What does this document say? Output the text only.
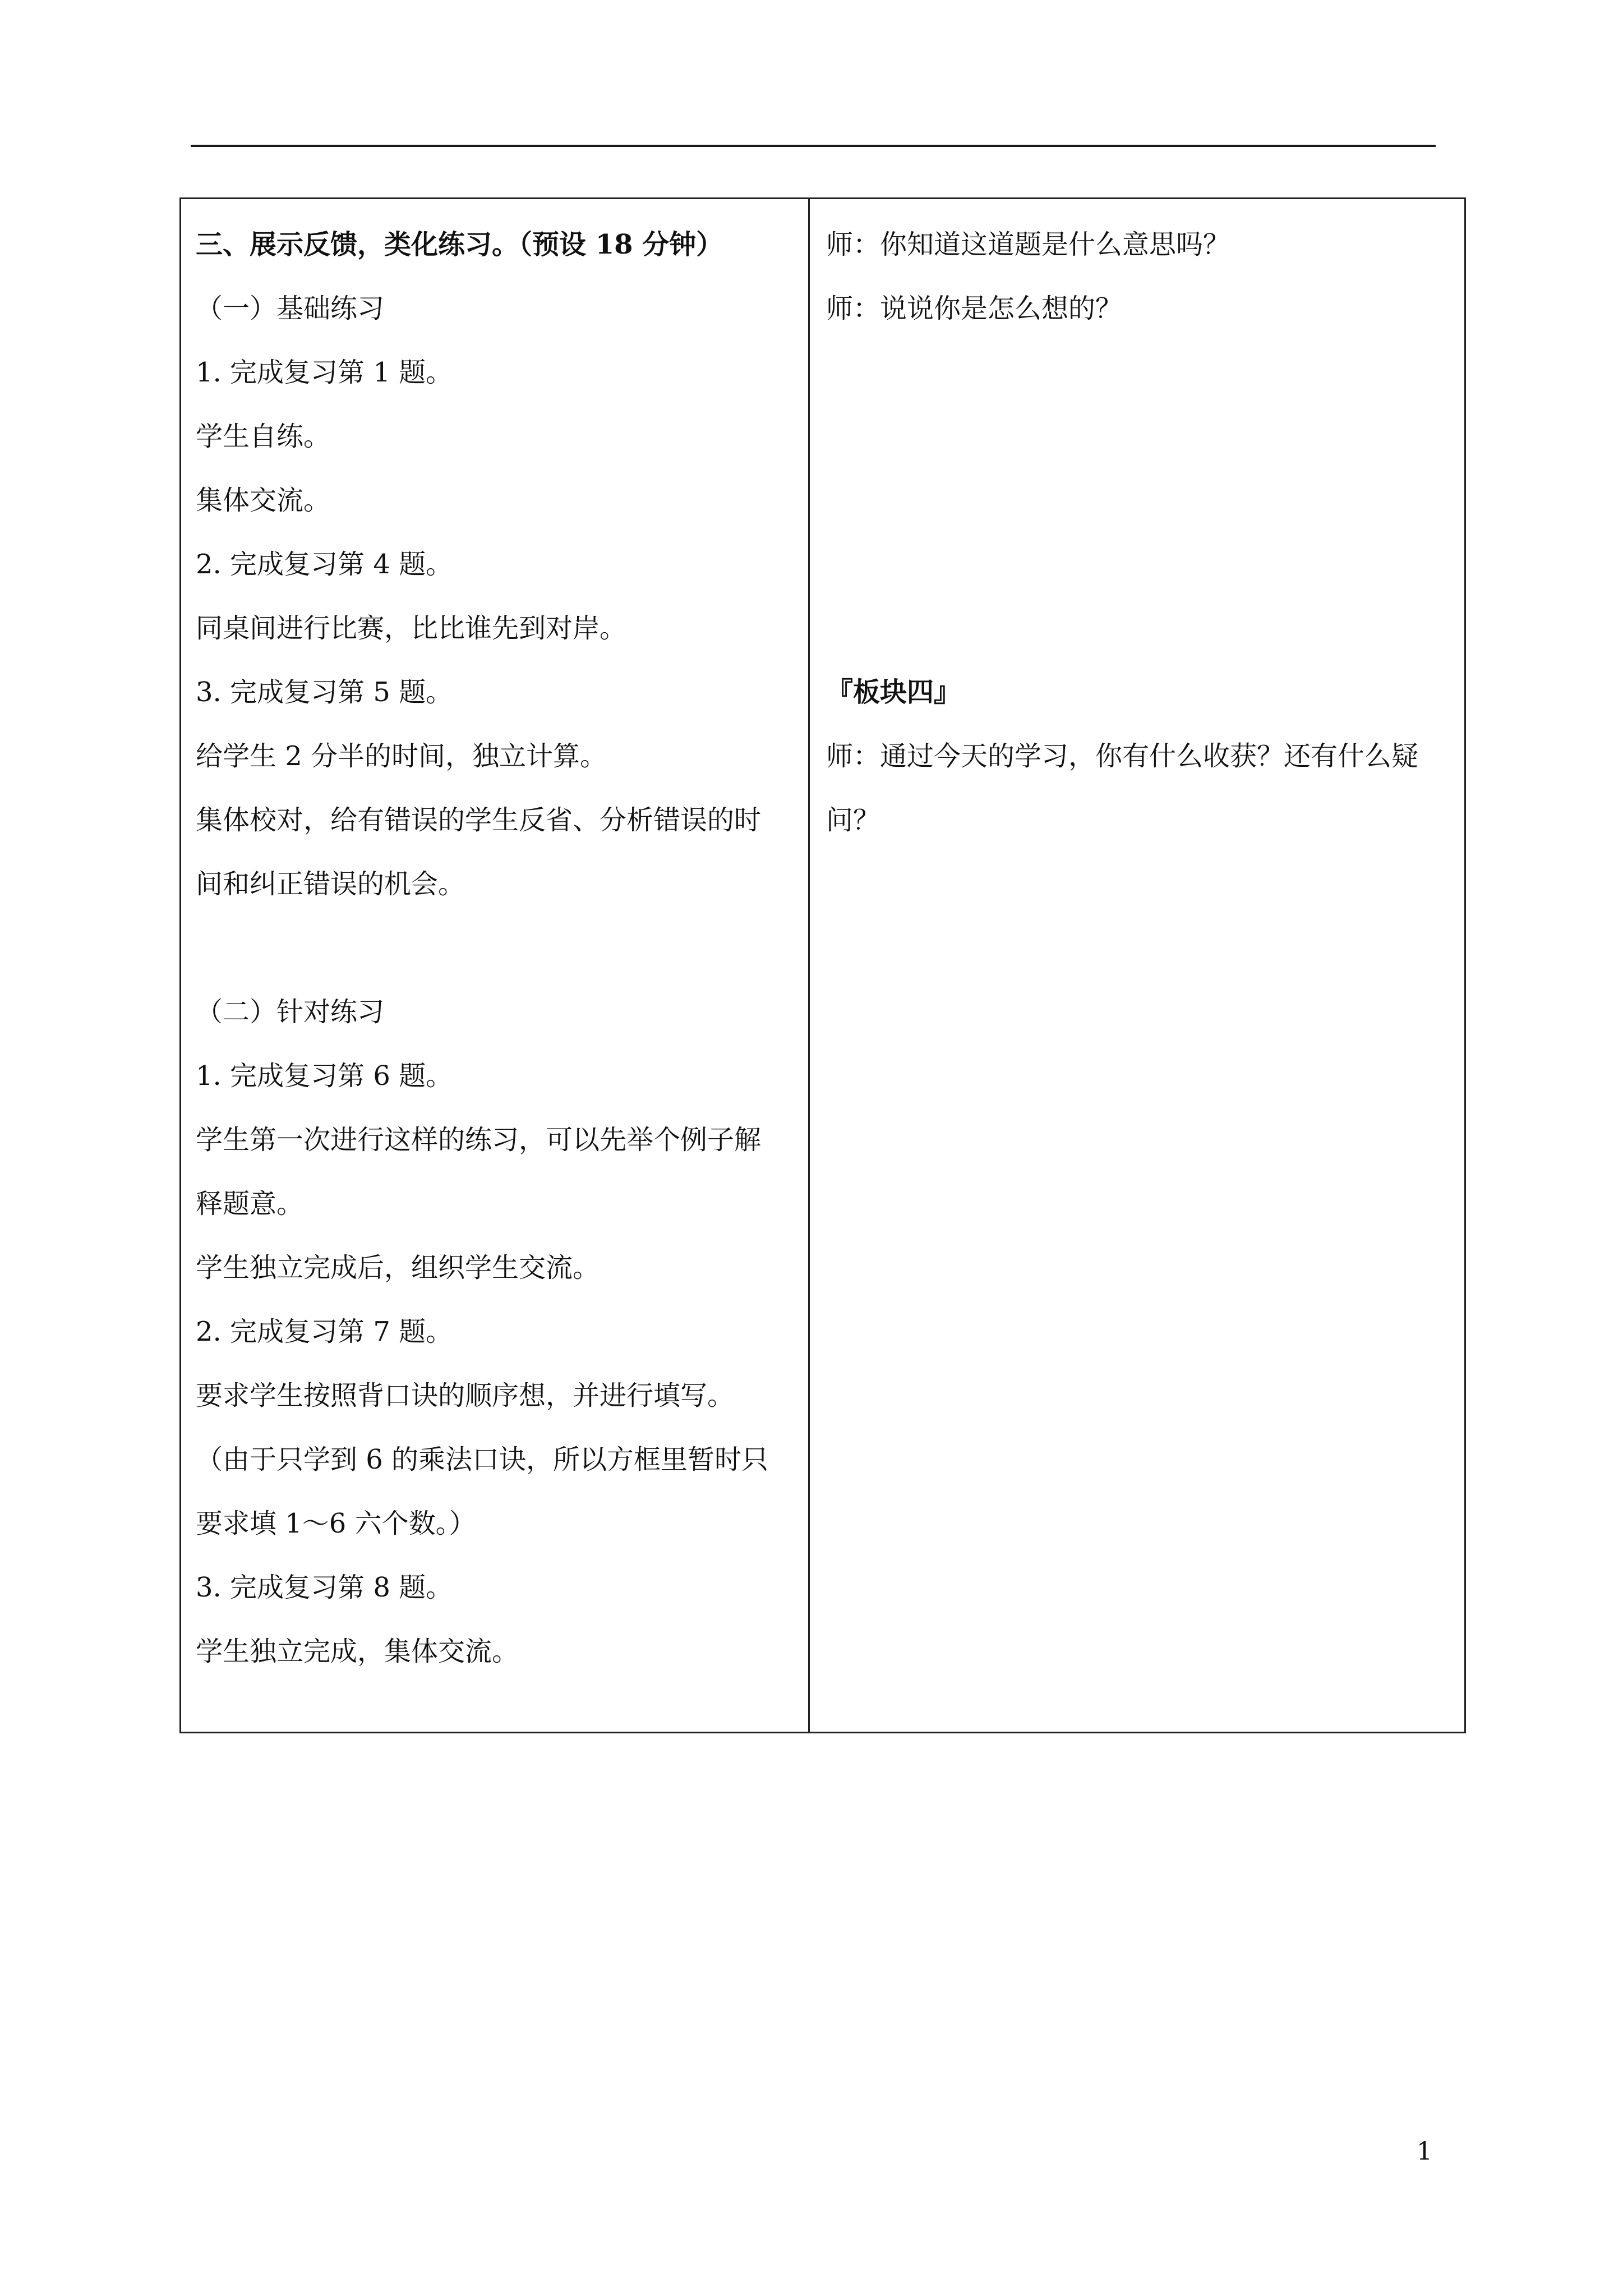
三、展示反馈，类化练习。（预设 18 分钟）
（一）基础练习
1. 完成复习第 1 题。
学生自练。
集体交流。
2. 完成复习第 4 题。
同桌间进行比赛，比比谁先到对岸。
3. 完成复习第 5 题。
给学生 2 分半的时间，独立计算。
集体校对，给有错误的学生反省、分析错误的时
间和纠正错误的机会。
（二）针对练习
1. 完成复习第 6 题。
学生第一次进行这样的练习，可以先举个例子解
释题意。
学生独立完成后，组织学生交流。
2. 完成复习第 7 题。
要求学生按照背口诀的顺序想，并进行填写。
（由于只学到 6 的乘法口诀，所以方框里暂时只
要求填 1～6 六个数。）
3. 完成复习第 8 题。
学生独立完成，集体交流。
师：你知道这道题是什么意思吗？
师：说说你是怎么想的？
『板块四』
师：通过今天的学习，你有什么收获？还有什么疑
问？
1
